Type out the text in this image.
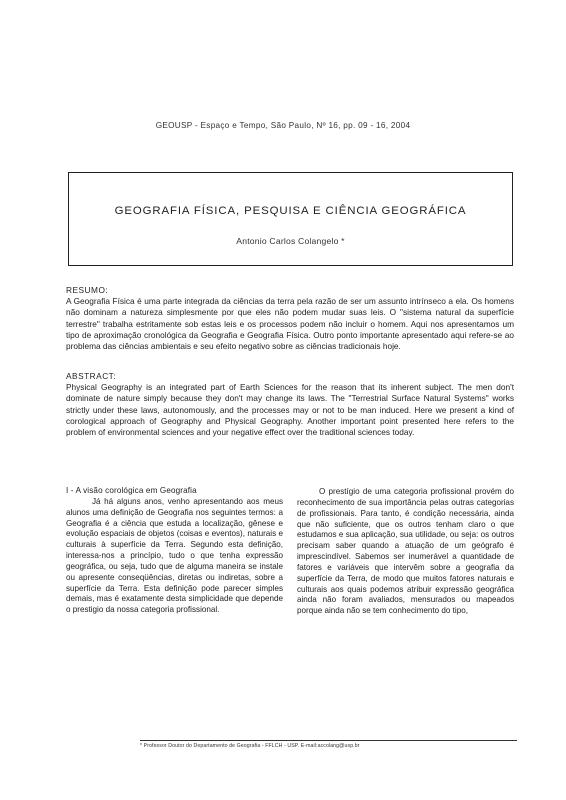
GEOUSP - Espaço e Tempo, São Paulo, Nº 16, pp. 09 - 16, 2004
GEOGRAFIA FÍSICA, PESQUISA E CIÊNCIA GEOGRÁFICA
Antonio Carlos Colangelo *
RESUMO:
A Geografia Física é uma parte integrada da ciências da terra pela razão de ser um assunto intrínseco a ela. Os homens não dominam a natureza simplesmente por que eles não podem mudar suas leis. O "sistema natural da superfície terrestre" trabalha estritamente sob estas leis e os processos podem não incluir o homem. Aqui nos apresentamos um tipo de aproximação cronológica da Geografia e Geografia Física. Outro ponto importante apresentado aqui refere-se ao problema das ciências ambientais e seu efeito negativo sobre as ciências tradicionais hoje.
ABSTRACT:
Physical Geography is an integrated part of Earth Sciences for the reason that its inherent subject. The men don't dominate de nature simply because they don't may change its laws. The "Terrestrial Surface Natural Systems" works strictly under these laws, autonomously, and the processes may or not to be man induced. Here we present a kind of corological approach of Geography and Physical Geography. Another important point presented here refers to the problem of environmental sciences and your negative effect over the traditional sciences today.
I - A visão corológica em Geografia

Já há alguns anos, venho apresentando aos meus alunos uma definição de Geografia nos seguintes termos: a Geografia é a ciência que estuda a localização, gênese e evolução espaciais de objetos (coisas e eventos), naturais e culturais à superfície da Terra. Segundo esta definição, interessa-nos a princípio, tudo o que tenha expressão geográfica, ou seja, tudo que de alguma maneira se instale ou apresente conseqüências, diretas ou indiretas, sobre a superfície da Terra. Esta definição pode parecer simples demais, mas é exatamente desta simplicidade que depende o prestigio da nossa categoria profissional.

O prestígio de uma categoria profissional provém do reconhecimento de sua importância pelas outras categorias de profissionais. Para tanto, é condição necessária, ainda que não suficiente, que os outros tenham claro o que estudamos e sua aplicação, sua utilidade, ou seja: os outros precisam saber quando a atuação de um geógrafo é imprescindível. Sabemos ser inumerável a quantidade de fatores e variáveis que intervêm sobre a geografia da superfície da Terra, de modo que muitos fatores naturais e culturais aos quais podemos atribuir expressão geográfica ainda não foram avaliados, mensurados ou mapeados porque ainda não se tem conhecimento do tipo,

* Professor Doutor do Departamento de Geografia - FFLCH - USP. E-mail:accolang@usp.br
